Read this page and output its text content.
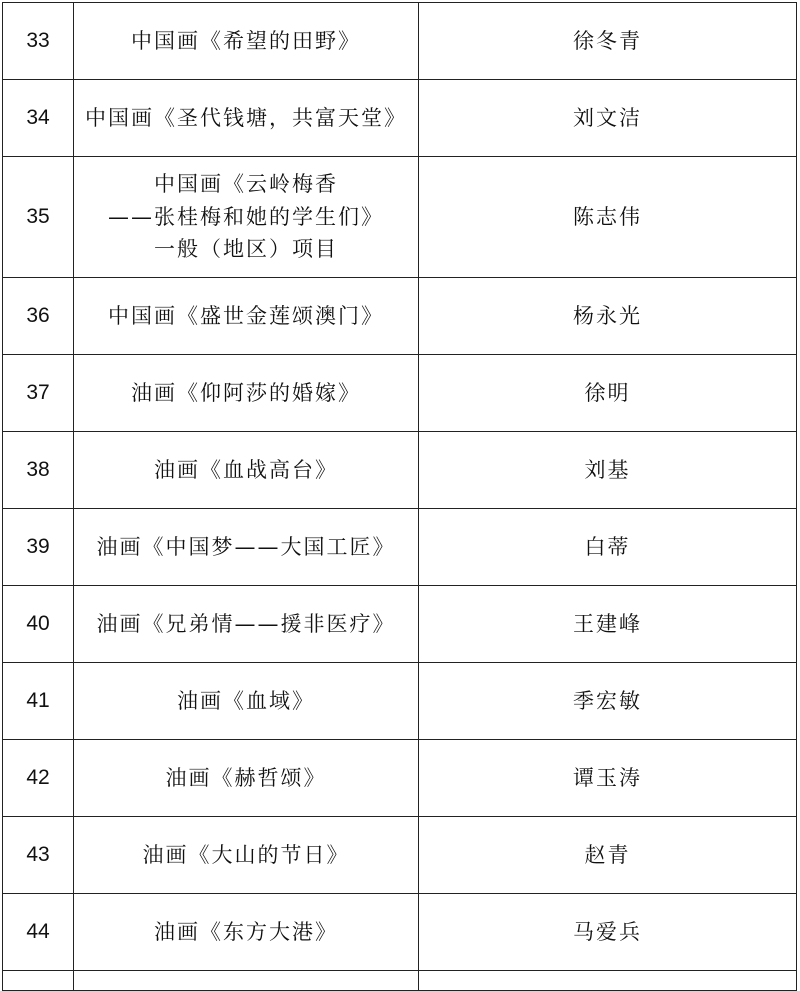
33	中国画《希望的田野》	徐冬青
34	中国画《圣代钱塘，共富天堂》	刘文洁
35	中国画《云岭梅香
——张桂梅和她的学生们》
一般（地区）项目	陈志伟
36	中国画《盛世金莲颂澳门》	杨永光
37	油画《仰阿莎的婚嫁》	徐明
38	油画《血战高台》	刘基
39	油画《中国梦——大国工匠》	白蒂
40	油画《兄弟情——援非医疗》	王建峰
41	油画《血域》	季宏敏
42	油画《赫哲颂》	谭玉涛
43	油画《大山的节日》	赵青
44	油画《东方大港》	马爱兵
